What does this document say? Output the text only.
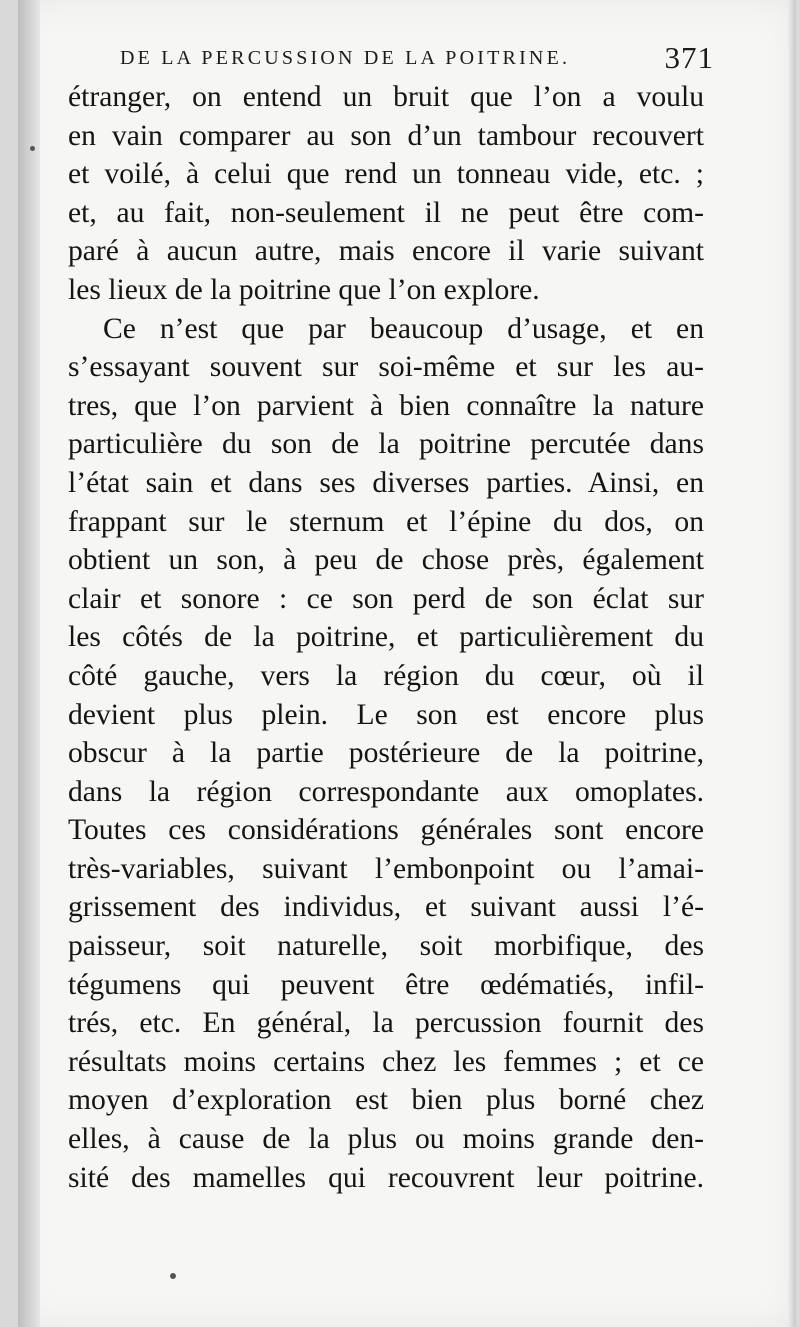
DE LA PERCUSSION DE LA POITRINE.	371
étranger, on entend un bruit que l’on a voulu
en vain comparer au son d’un tambour recouvert
et voilé, à celui que rend un tonneau vide, etc. ;
et, au fait, non-seulement il ne peut être com-
paré à aucun autre, mais encore il varie suivant
les lieux de la poitrine que l’on explore.
Ce n’est que par beaucoup d’usage, et en
s’essayant souvent sur soi-même et sur les au-
tres, que l’on parvient à bien connaître la nature
particulière du son de la poitrine percutée dans
l’état sain et dans ses diverses parties. Ainsi, en
frappant sur le sternum et l’épine du dos, on
obtient un son, à peu de chose près, également
clair et sonore : ce son perd de son éclat sur
les côtés de la poitrine, et particulièrement du
côté gauche, vers la région du cœur, où il
devient plus plein. Le son est encore plus
obscur à la partie postérieure de la poitrine,
dans la région correspondante aux omoplates.
Toutes ces considérations générales sont encore
très-variables, suivant l’embonpoint ou l’amai-
grissement des individus, et suivant aussi l’é-
paisseur, soit naturelle, soit morbifique, des
tégumens qui peuvent être œdématiés, infil-
trés, etc. En général, la percussion fournit des
résultats moins certains chez les femmes ; et ce
moyen d’exploration est bien plus borné chez
elles, à cause de la plus ou moins grande den-
sité des mamelles qui recouvrent leur poitrine.
